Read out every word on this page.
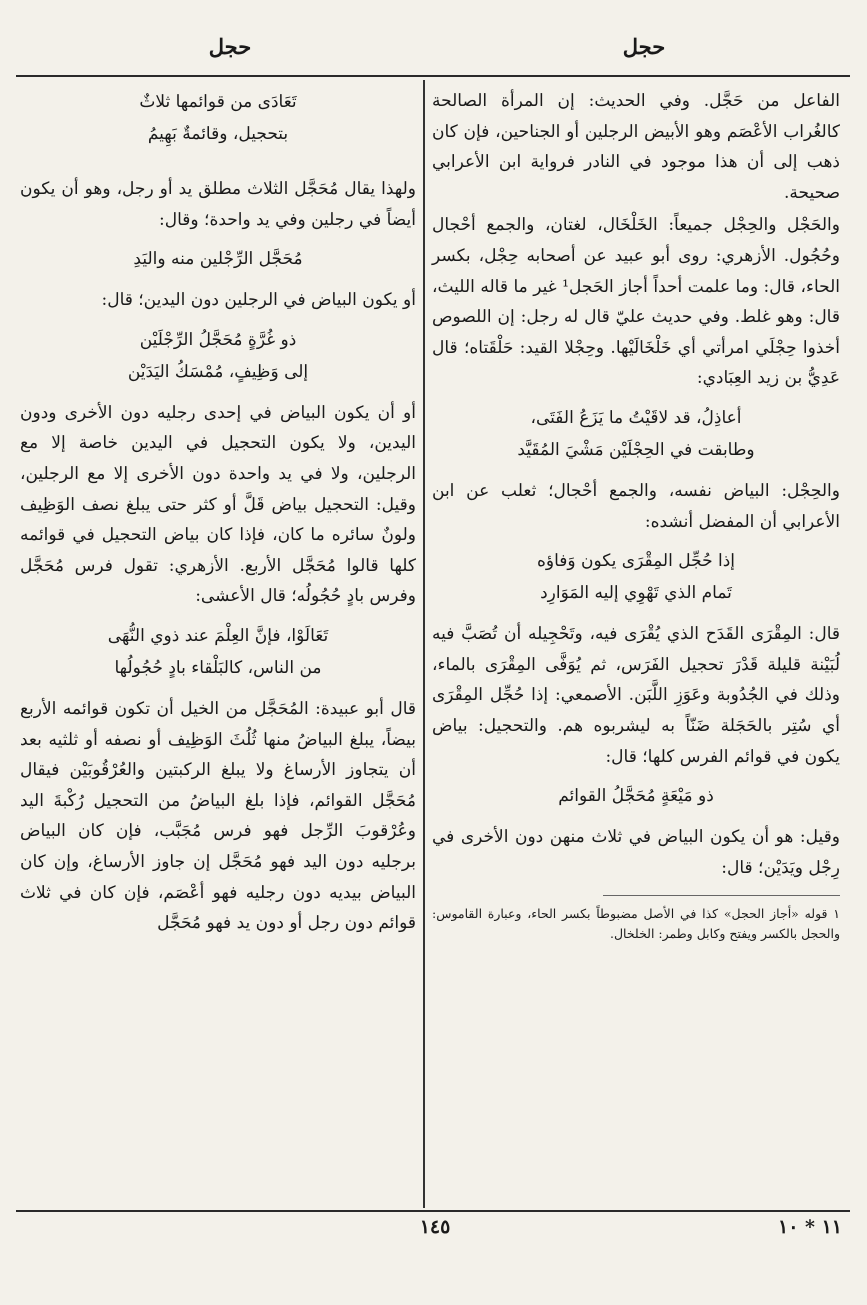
حجل
حجل

الفاعل من حَجَّل. وفي الحديث: إن المرأة الصالحة كالغُراب الأعْصَم وهو الأبيض الرجلين أو الجناحين، فإن كان ذهب إلى أن هذا موجود في النادر فرواية ابن الأعرابي صحيحة.

والحَجْل والحِجْل جميعاً: الخَلْخَال، لغتان، والجمع أحْجال وحُجُول. الأزهري: روى أبو عبيد عن أصحابه حِجْل، بكسر الحاء، قال: وما علمت أحداً أجاز الحَجل¹ غير ما قاله الليث، قال: وهو غلط. وفي حديث عليّ قال له رجل: إن اللصوص أخذوا حِجْلَي امرأتي أي خَلْخَالَيْها. وحِجْلا القيد: حَلْقَتاه؛ قال عَدِيُّ بن زيد العِبَادي:

أعاذِلُ، قد لاقَيْتُ ما يَزَعُ الفَتَى،
وطابقت في الحِجْلَيْن مَشْيَ المُقَيَّد

والحِجْل: البياض نفسه، والجمع أحْجال؛ ثعلب عن ابن الأعرابي أن المفضل أنشده:

إذا حُجِّل المِقْرَى يكون وَفاؤه
تَمام الذي تَهْوِي إليه المَوَارِد

قال: المِقْرَى القَدَح الذي يُقْرَى فيه، وتَحْجِيله أن تُصَبَّ فيه لُبَيْنة قليلة قَدْرَ تحجيل الفَرَس، ثم يُوَفَّى المِقْرَى بالماء، وذلك في الجُدُوبة وعَوَزِ اللَّبَن. الأصمعي: إذا حُجِّل المِقْرَى أي سُتِر بالحَجَلة ضَنّاً به ليشربوه هم. والتحجيل: بياض يكون في قوائم الفرس كلها؛ قال:

ذو مَيْعَةٍ مُحَجَّلُ القوائم

وقيل: هو أن يكون البياض في ثلاث منهن دون الأخرى في رِجْل ويَدَيْن؛ قال:

١ قوله «أجاز الحجل» كذا في الأصل مضبوطاً بكسر الحاء، وعبارة القاموس: والحجل بالكسر ويفتح وكابل وطمر: الخلخال.
تَعَادَى من قوائمها ثلاثٌ
بتحجيل، وقائمةٌ بَهِيمُ

ولهذا يقال مُحَجَّل الثلاث مطلق يد أو رجل، وهو أن يكون أيضاً في رجلين وفي يد واحدة؛ وقال:

مُحَجَّل الرِّجْلين منه واليَدِ

أو يكون البياض في الرجلين دون اليدين؛ قال:

ذو غُرَّةٍ مُحَجَّلُ الرِّجْلَيْن
إلى وَظِيفٍ، مُمْسَكُ اليَدَيْن

أو أن يكون البياض في إحدى رجليه دون الأخرى ودون اليدين، ولا يكون التحجيل في اليدين خاصة إلا مع الرجلين، ولا في يد واحدة دون الأخرى إلا مع الرجلين، وقيل: التحجيل بياض قَلَّ أو كثر حتى يبلغ نصف الوَظِيف ولونٌ سائره ما كان، فإذا كان بياض التحجيل في قوائمه كلها قالوا مُحَجَّل الأربع. الأزهري: تقول فرس مُحَجَّل وفرس بادٍ حُجُولُه؛ قال الأعشى:

تَعَالَوْا، فإنَّ العِلْمَ عند ذوي النُّهَى
من الناس، كالبَلْقاء بادٍ حُجُولُها

قال أبو عبيدة: المُحَجَّل من الخيل أن تكون قوائمه الأربع بيضاً، يبلغ البياضُ منها ثُلُثَ الوَظِيف أو نصفه أو ثلثيه بعد أن يتجاوز الأرساغ ولا يبلغ الركبتين والعُرْقُوبَيْن فيقال مُحَجَّل القوائم، فإذا بلغ البياضُ من التحجيل رُكْبةَ اليد وعُرْقوبَ الرِّجل فهو فرس مُجَبَّب، فإن كان البياض برجليه دون اليد فهو مُحَجَّل إن جاوز الأرساغ، وإن كان البياض بيديه دون رجليه فهو أعْصَم، فإن كان في ثلاث قوائم دون رجل أو دون يد فهو مُحَجَّل

١٤٥	١١ * ١٠
